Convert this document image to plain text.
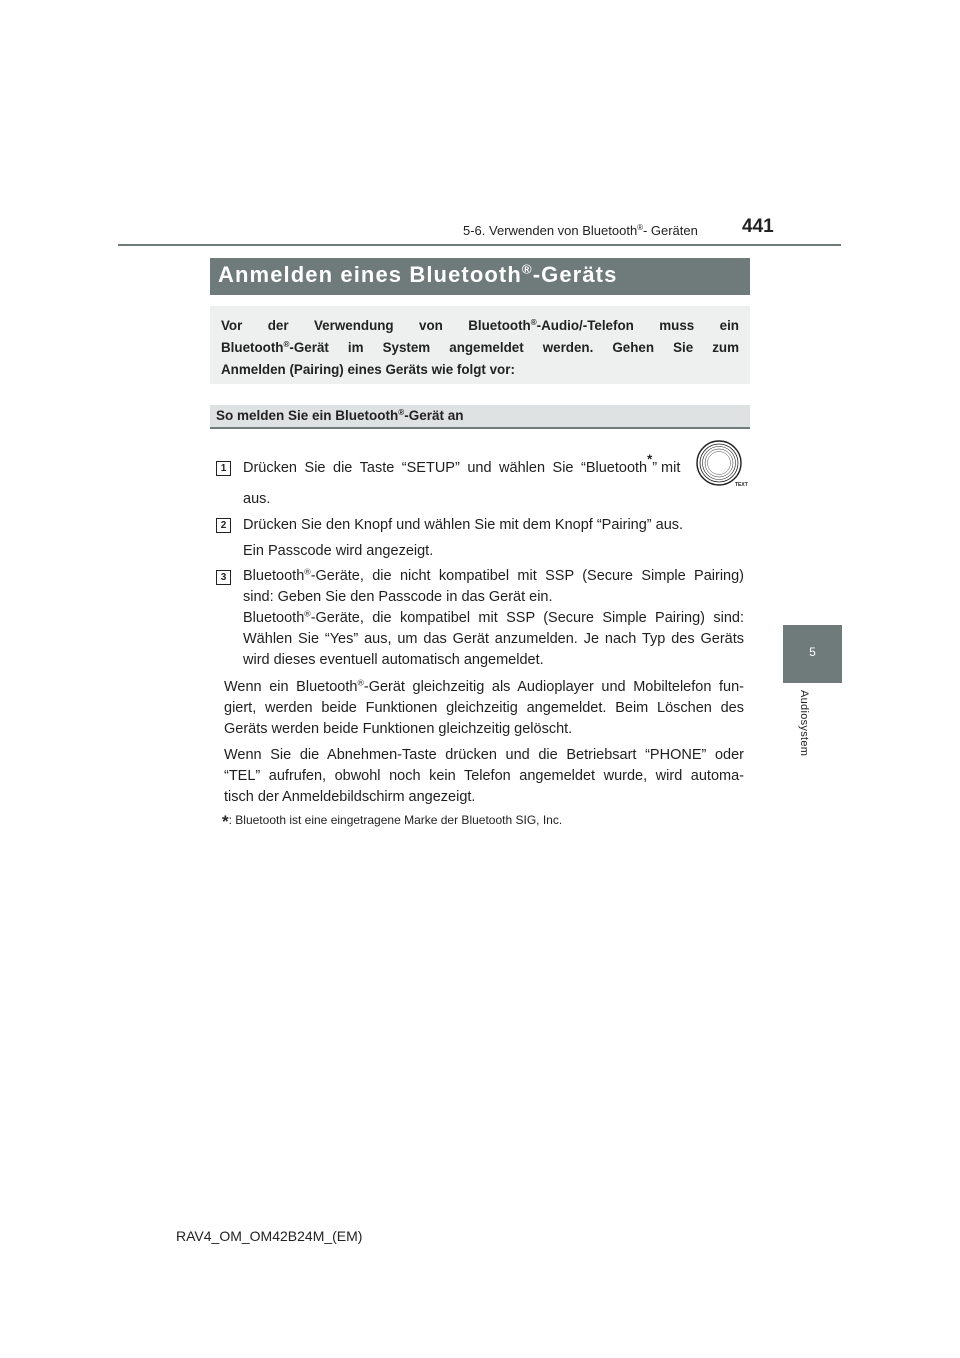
5-6. Verwenden von Bluetooth®- Geräten 441
Anmelden eines Bluetooth®-Geräts

Vor der Verwendung von Bluetooth®-Audio/-Telefon muss ein

Bluetooth®-Gerät im System angemeldet werden. Gehen Sie zum

Anmelden (Pairing) eines Geräts wie folgt vor:

So melden Sie ein Bluetooth®-Gerät an
1	Drücken Sie die Taste “SETUP” und wählen Sie “Bluetooth*” mit
aus.
TEXT
2	Drücken Sie den Knopf und wählen Sie mit dem Knopf “Pairing” aus.
Ein Passcode wird angezeigt.
3	Bluetooth®-Geräte, die nicht kompatibel mit SSP (Secure Simple Pairing)
sind: Geben Sie den Passcode in das Gerät ein.
Bluetooth®-Geräte, die kompatibel mit SSP (Secure Simple Pairing) sind:
Wählen Sie “Yes” aus, um das Gerät anzumelden. Je nach Typ des Geräts
wird dieses eventuell automatisch angemeldet.
Wenn ein Bluetooth®-Gerät gleichzeitig als Audioplayer und Mobiltelefon fun-
giert, werden beide Funktionen gleichzeitig angemeldet. Beim Löschen des
Geräts werden beide Funktionen gleichzeitig gelöscht.
Wenn Sie die Abnehmen-Taste drücken und die Betriebsart “PHONE” oder
“TEL” aufrufen, obwohl noch kein Telefon angemeldet wurde, wird automa-
tisch der Anmeldebildschirm angezeigt.
*: Bluetooth ist eine eingetragene Marke der Bluetooth SIG, Inc.
5
Audiosystem
RAV4_OM_OM42B24M_(EM)
